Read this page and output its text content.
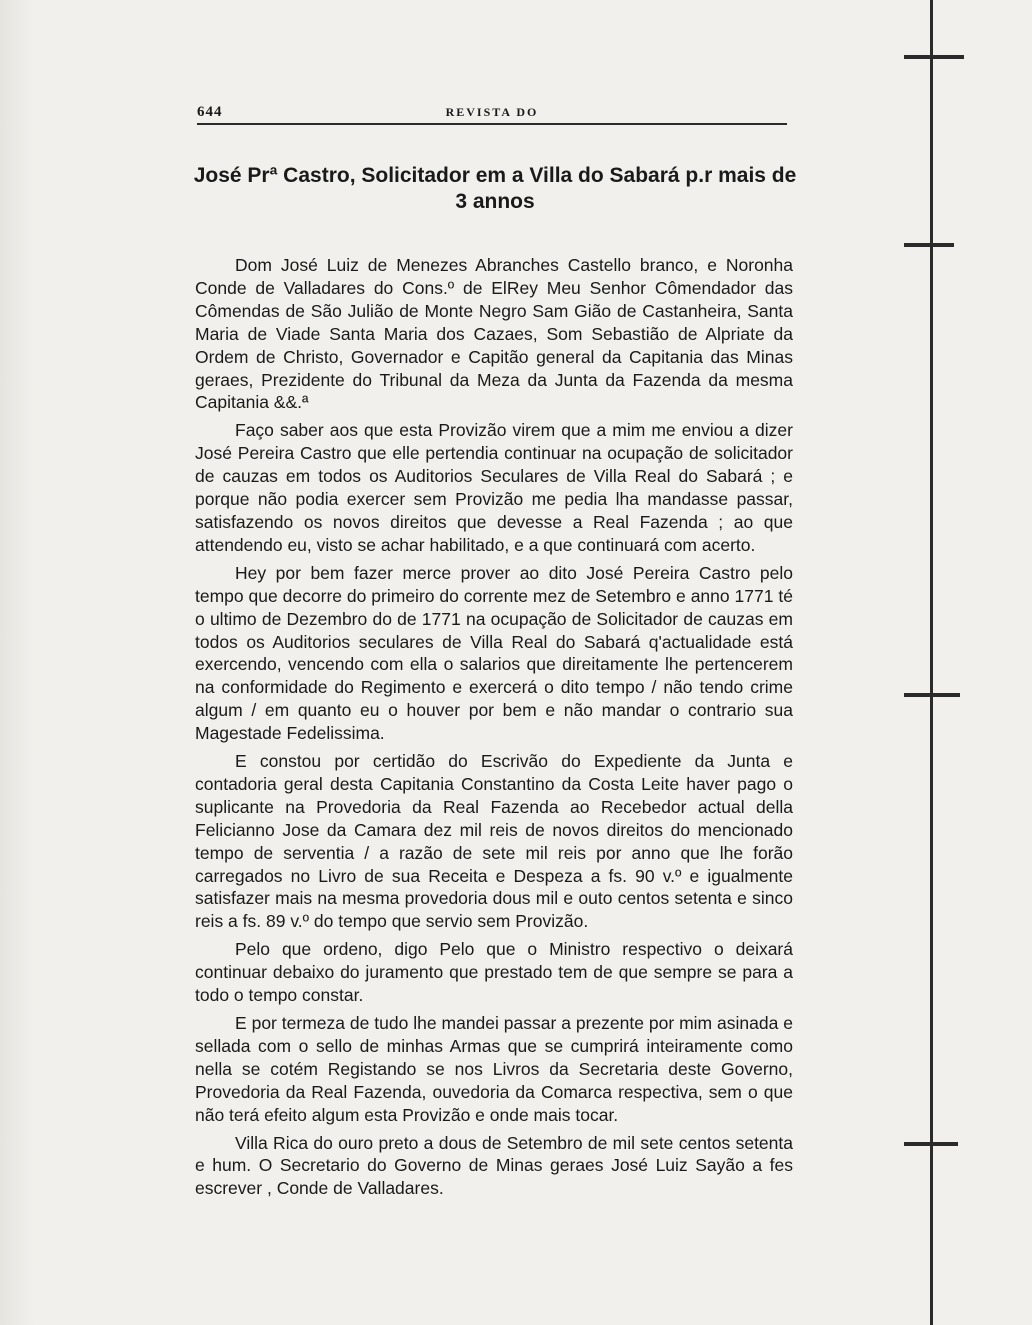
644	REVISTA DO
José Prª Castro, Solicitador em a Villa do Sabará p.r mais de 3 annos

Dom José Luiz de Menezes Abranches Castello branco, e Noronha Conde de Valladares do Cons.º de ElRey Meu Senhor Cômendador das Cômendas de São Julião de Monte Negro Sam Gião de Castanheira, Santa Maria de Viade Santa Maria dos Cazaes, Som Sebastião de Alpriate da Ordem de Christo, Governador e Capitão general da Capitania das Minas geraes, Prezidente do Tribunal da Meza da Junta da Fazenda da mesma Capitania &&.ª

Faço saber aos que esta Provizão virem que a mim me enviou a dizer José Pereira Castro que elle pertendia continuar na ocupação de solicitador de cauzas em todos os Auditorios Seculares de Villa Real do Sabará ; e porque não podia exercer sem Provizão me pedia lha mandasse passar, satisfazendo os novos direitos que devesse a Real Fazenda ; ao que attendendo eu, visto se achar habilitado, e a que continuará com acerto.

Hey por bem fazer merce prover ao dito José Pereira Castro pelo tempo que decorre do primeiro do corrente mez de Setembro e anno 1771 té o ultimo de Dezembro do de 1771 na ocupação de Solicitador de cauzas em todos os Auditorios seculares de Villa Real do Sabará q'actualidade está exercendo, vencendo com ella o salarios que direitamente lhe pertencerem na conformidade do Regimento e exercerá o dito tempo / não tendo crime algum / em quanto eu o houver por bem e não mandar o contrario sua Magestade Fedelissima.

E constou por certidão do Escrivão do Expediente da Junta e contadoria geral desta Capitania Constantino da Costa Leite haver pago o suplicante na Provedoria da Real Fazenda ao Recebedor actual della Felicianno Jose da Camara dez mil reis de novos direitos do mencionado tempo de serventia / a razão de sete mil reis por anno que lhe forão carregados no Livro de sua Receita e Despeza a fs. 90 v.º e igualmente satisfazer mais na mesma provedoria dous mil e outo centos setenta e sinco reis a fs. 89 v.º do tempo que servio sem Provizão.

Pelo que ordeno, digo Pelo que o Ministro respectivo o deixará continuar debaixo do juramento que prestado tem de que sempre se para a todo o tempo constar.

E por termeza de tudo lhe mandei passar a prezente por mim asinada e sellada com o sello de minhas Armas que se cumprirá inteiramente como nella se cotém Registando se nos Livros da Secretaria deste Governo, Provedoria da Real Fazenda, ouvedoria da Comarca respectiva, sem o que não terá efeito algum esta Provizão e onde mais tocar.

Villa Rica do ouro preto a dous de Setembro de mil sete centos setenta e hum. O Secretario do Governo de Minas geraes José Luiz Sayão a fes escrever , Conde de Valladares.
